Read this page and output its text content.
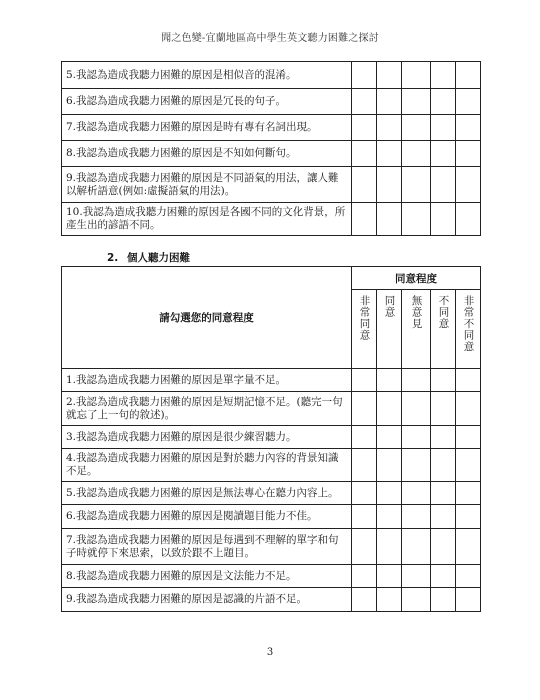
聞之色變-宜蘭地區高中學生英文聽力困難之探討
5.我認為造成我聽力困難的原因是相似音的混淆。					
6.我認為造成我聽力困難的原因是冗長的句子。					
7.我認為造成我聽力困難的原因是時有專有名詞出現。					
8.我認為造成我聽力困難的原因是不知如何斷句。					
9.我認為造成我聽力困難的原因是不同語氣的用法，讓人難以解析語意(例如:虛擬語氣的用法)。					
10.我認為造成我聽力困難的原因是各國不同的文化背景，所產生出的諺語不同。					
2. 個人聽力困難
請勾選您的同意程度	同意程度				
	非常同意	同意	無意見	不同意	非常不同意
1.我認為造成我聽力困難的原因是單字量不足。					
2.我認為造成我聽力困難的原因是短期記憶不足。(聽完一句就忘了上一句的敘述)。					
3.我認為造成我聽力困難的原因是很少練習聽力。					
4.我認為造成我聽力困難的原因是對於聽力內容的背景知識不足。					
5.我認為造成我聽力困難的原因是無法專心在聽力內容上。					
6.我認為造成我聽力困難的原因是閱讀題目能力不佳。					
7.我認為造成我聽力困難的原因是每遇到不理解的單字和句子時就停下來思索，以致於跟不上題目。					
8.我認為造成我聽力困難的原因是文法能力不足。					
9.我認為造成我聽力困難的原因是認識的片語不足。					
3
